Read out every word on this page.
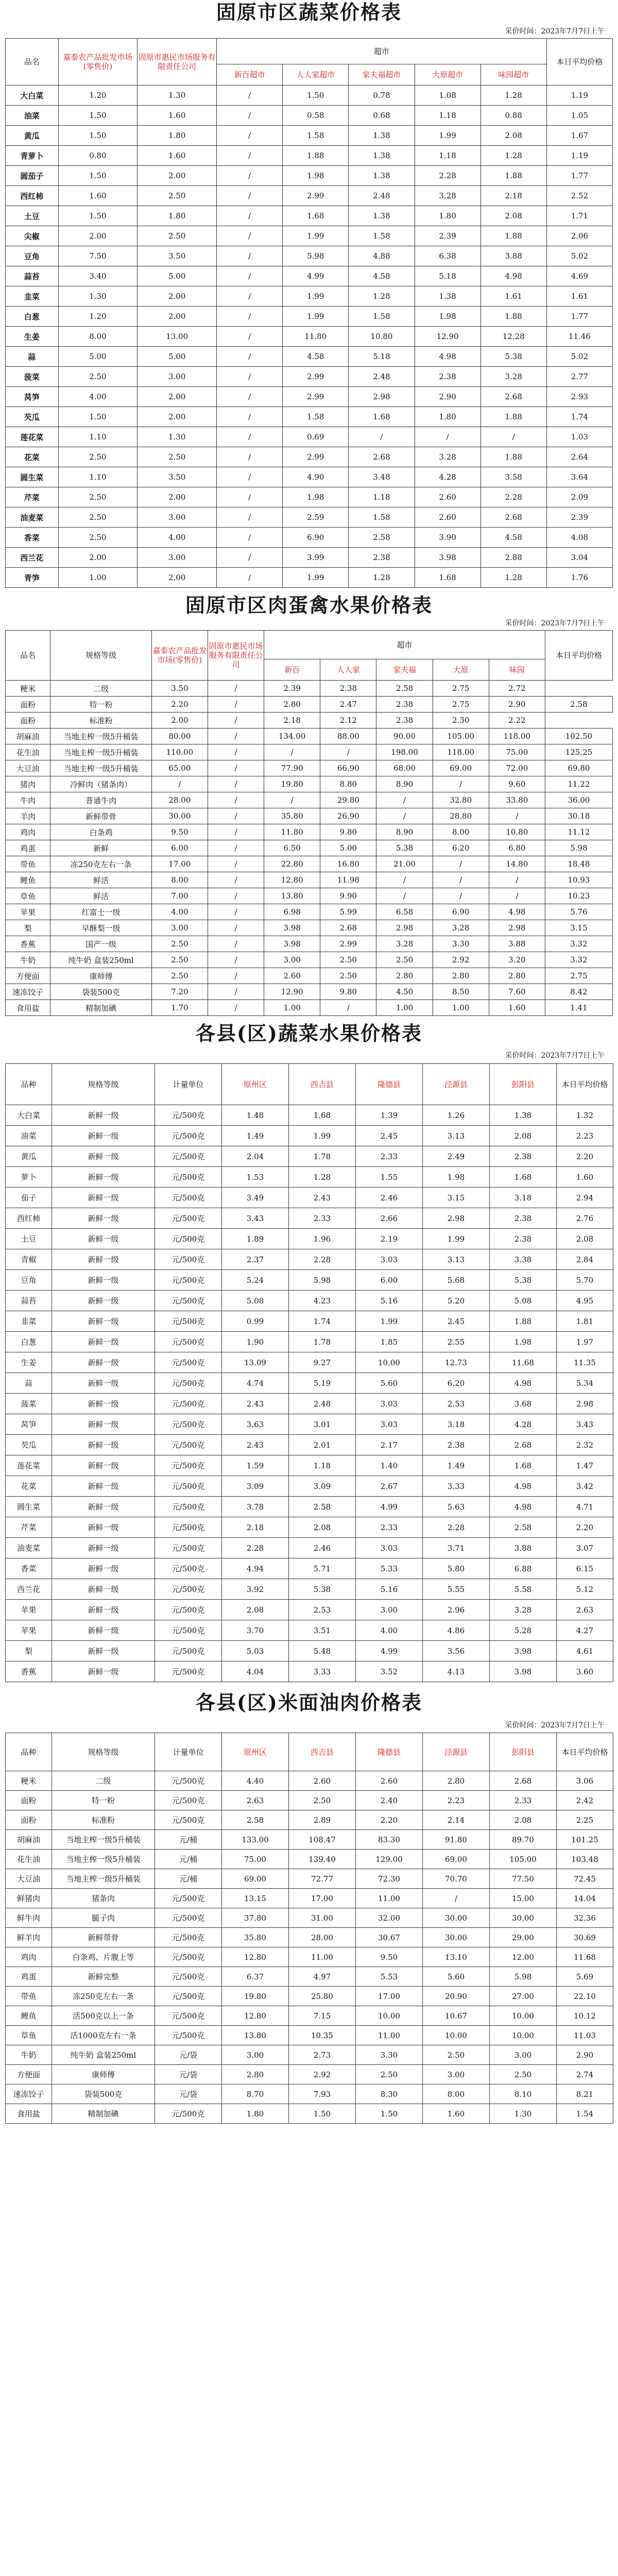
固原市区蔬菜价格表
采价时间：2023年7月7日上午
品名	嘉泰农产品批发市场(零售价)	固原市惠民市场服务有限责任公司	超市					本日平均价格
			新百超市	人人家超市	家夫福超市	大原超市	味园超市	
大白菜	1.20	1.30	/	1.50	0.78	1.08	1.28	1.19
油菜	1.50	1.60	/	0.58	0.68	1.18	0.88	1.05
黄瓜	1.50	1.80	/	1.58	1.38	1.99	2.08	1.67
青萝卜	0.80	1.60	/	1.88	1.38	1.18	1.28	1.19
圆茄子	1.50	2.00	/	1.98	1.38	2.28	1.88	1.77
西红柿	1.60	2.50	/	2.99	2.48	3.28	2.18	2.52
土豆	1.50	1.80	/	1.68	1.38	1.80	2.08	1.71
尖椒	2.00	2.50	/	1.99	1.58	2.39	1.88	2.06
豆角	7.50	3.50	/	5.98	4.88	6.38	3.88	5.02
蒜苔	3.40	5.00	/	4.99	4.58	5.18	4.98	4.69
韭菜	1.30	2.00	/	1.99	1.28	1.38	1.61	1.61
白葱	1.20	2.00	/	1.99	1.58	1.98	1.88	1.77
生姜	8.00	13.00	/	11.80	10.80	12.90	12.28	11.46
蒜	5.00	5.00	/	4.58	5.18	4.98	5.38	5.02
菠菜	2.50	3.00	/	2.99	2.48	2.38	3.28	2.77
莴笋	4.00	2.00	/	2.99	2.98	2.90	2.68	2.93
芡瓜	1.50	2.00	/	1.58	1.68	1.80	1.88	1.74
莲花菜	1.10	1.30	/	0.69	/	/	/	1.03
花菜	2.50	2.50	/	2.99	2.68	3.28	1.88	2.64
圆生菜	1.10	3.50	/	4.90	3.48	4.28	3.58	3.64
芹菜	2.50	2.00	/	1.98	1.18	2.60	2.28	2.09
油麦菜	2.50	3.00	/	2.59	1.58	2.60	2.68	2.39
香菜	2.50	4.00	/	6.90	2.58	3.90	4.58	4.08
西兰花	2.00	3.00	/	3.99	2.38	3.98	2.88	3.04
青笋	1.00	2.00	/	1.99	1.28	1.68	1.28	1.76
固原市区肉蛋禽水果价格表
采价时间：2023年7月7日上午
品名	规格等级	嘉泰农产品批发市场(零售价)	固原市惠民市场服务有限责任公司	超市					本日平均价格
				新百	人人家	家夫福	大原	味园	
粳米	二级	3.50	/	2.39	2.38	2.58	2.75	2.72	
面粉	特一粉	2.20	/	2.80	2.47	2.38	2.75	2.90	2.58
面粉	标准粉	2.00	/	2.18	2.12	2.38	2.30	2.22	
胡麻油	当地主榨一级5升桶装	80.00	/	134.00	88.00	90.00	105.00	118.00	102.50
花生油	当地主榨一级5升桶装	110.00	/	/	/	198.00	118.00	75.00	125.25
大豆油	当地主榨一级5升桶装	65.00	/	77.90	66.90	68.00	69.00	72.00	69.80
猪肉	冷鲜肉（猪条肉）	/	/	19.80	8.80	8.90	/	9.60	11.22
牛肉	普通牛肉	28.00	/	/	29.80	/	32.80	33.80	36.00
羊肉	新鲜带骨	30.00	/	35.80	26.90	/	28.80	/	30.18
鸡肉	白条鸡	9.50	/	11.80	9.80	8.90	8.00	10.80	11.12
鸡蛋	新鲜	6.00	/	6.50	5.00	5.38	6.20	6.80	5.98
带鱼	冻250克左右一条	17.00	/	22.80	16.80	21.00	/	14.80	18.48
鲤鱼	鲜活	8.00	/	12.80	11.98	/	/	/	10.93
草鱼	鲜活	7.00	/	13.80	9.90	/	/	/	10.23
苹果	红富士一级	4.00	/	6.98	5.99	6.58	6.90	4.98	5.76
梨	早酥梨一级	3.00	/	3.98	2.68	2.98	3.28	2.98	3.15
香蕉	国产一级	2.50	/	3.98	2.99	3.28	3.30	3.88	3.32
牛奶	纯牛奶 盒装250ml	2.50	/	3.00	2.50	2.50	2.92	3.20	3.32
方便面	康师傅	2.50	/	2.60	2.50	2.80	2.80	2.80	2.75
速冻饺子	袋装500克	7.20	/	12.90	9.80	4.50	8.50	7.60	8.42
食用盐	精制加碘	1.70	/	1.00	/	1.00	1.00	1.60	1.41
各县(区)蔬菜水果价格表
采价时间：2023年7月7日上午
品种	规格等级	计量单位	原州区	西吉县	隆德县	泾源县	彭阳县	本日平均价格
大白菜	新鲜一级	元/500克	1.48	1.68	1.39	1.26	1.38	1.32
油菜	新鲜一级	元/500克	1.49	1.99	2.45	3.13	2.08	2.23
黄瓜	新鲜一级	元/500克	2.04	1.78	2.33	2.49	2.38	2.20
萝卜	新鲜一级	元/500克	1.53	1.28	1.55	1.98	1.68	1.60
茄子	新鲜一级	元/500克	3.49	2.43	2.46	3.15	3.18	2.94
西红柿	新鲜一级	元/500克	3.43	2.33	2.66	2.98	2.38	2.76
土豆	新鲜一级	元/500克	1.89	1.96	2.19	1.99	2.38	2.08
青椒	新鲜一级	元/500克	2.37	2.28	3.03	3.13	3.38	2.84
豆角	新鲜一级	元/500克	5.24	5.98	6.00	5.68	5.38	5.70
蒜苔	新鲜一级	元/500克	5.08	4.23	5.16	5.20	5.08	4.95
韭菜	新鲜一级	元/500克	0.99	1.74	1.99	2.45	1.88	1.81
白葱	新鲜一级	元/500克	1.90	1.78	1.85	2.55	1.98	1.97
生姜	新鲜一级	元/500克	13.09	9.27	10.00	12.73	11.68	11.35
蒜	新鲜一级	元/500克	4.74	5.19	5.60	6.20	4.98	5.34
菠菜	新鲜一级	元/500克	2.43	2.48	3.03	2.53	3.68	2.98
莴笋	新鲜一级	元/500克	3.63	3.01	3.03	3.18	4.28	3.43
芡瓜	新鲜一级	元/500克	2.43	2.01	2.17	2.38	2.68	2.32
莲花菜	新鲜一级	元/500克	1.59	1.18	1.40	1.49	1.68	1.47
花菜	新鲜一级	元/500克	3.09	3.09	2.67	3.33	4.98	3.42
圆生菜	新鲜一级	元/500克	3.78	2.58	4.99	5.63	4.98	4.71
芹菜	新鲜一级	元/500克	2.18	2.08	2.33	2.28	2.58	2.20
油麦菜	新鲜一级	元/500克	2.28	2.46	3.03	3.71	3.88	3.07
香菜	新鲜一级	元/500克	4.94	5.71	5.33	5.80	6.88	6.15
西兰花	新鲜一级	元/500克	3.92	5.38	5.16	5.55	5.58	5.12
苹果	新鲜一级	元/500克	2.08	2.53	3.00	2.96	3.28	2.63
苹果	新鲜一级	元/500克	3.70	3.51	4.00	4.86	5.28	4.27
梨	新鲜一级	元/500克	5.03	5.48	4.99	3.56	3.98	4.61
香蕉	新鲜一级	元/500克	4.04	3.33	3.52	4.13	3.98	3.60
各县(区)米面油肉价格表
采价时间：2023年7月7日上午
品种	规格等级	计量单位	原州区	西吉县	隆德县	泾源县	彭阳县	本日平均价格
粳米	二级	元/500克	4.40	2.60	2.60	2.80	2.68	3.06
面粉	特一粉	元/500克	2.63	2.50	2.40	2.23	2.33	2.42
面粉	标准粉	元/500克	2.58	2.89	2.20	2.14	2.08	2.25
胡麻油	当地主榨一级5升桶装	元/桶	133.00	108.47	83.30	91.80	89.70	101.25
花生油	当地主榨一级5升桶装	元/桶	75.00	139.40	129.00	69.00	105.00	103.48
大豆油	当地主榨一级5升桶装	元/桶	69.00	72.77	72.30	70.70	77.50	72.45
鲜猪肉	猪条肉	元/500克	13.15	17.00	11.00	/	15.00	14.04
鲜牛肉	腿子肉	元/500克	37.80	31.00	32.00	30.00	30.00	32.36
鲜羊肉	新鲜带骨	元/500克	35.80	28.00	30.67	30.00	29.00	30.69
鸡肉	白条鸡、片腹上等	元/500克	12.80	11.00	9.50	13.10	12.00	11.68
鸡蛋	新鲜完整	元/500克	6.37	4.97	5.53	5.60	5.98	5.69
带鱼	冻250克左右一条	元/500克	19.80	25.80	17.00	20.90	27.00	22.10
鲤鱼	活500克以上一条	元/500克	12.80	7.15	10.00	10.67	10.00	10.12
草鱼	活1000克左右一条	元/500克	13.80	10.35	11.00	10.00	10.00	11.03
牛奶	纯牛奶 盒装250ml	元/袋	3.00	2.73	3.30	2.50	3.00	2.90
方便面	康师傅	元/袋	2.80	2.92	2.50	3.00	2.50	2.74
速冻饺子	袋装500克	元/袋	8.70	7.93	8.30	8.00	8.10	8.21
食用盐	精制加碘	元/500克	1.80	1.50	1.50	1.60	1.30	1.54
